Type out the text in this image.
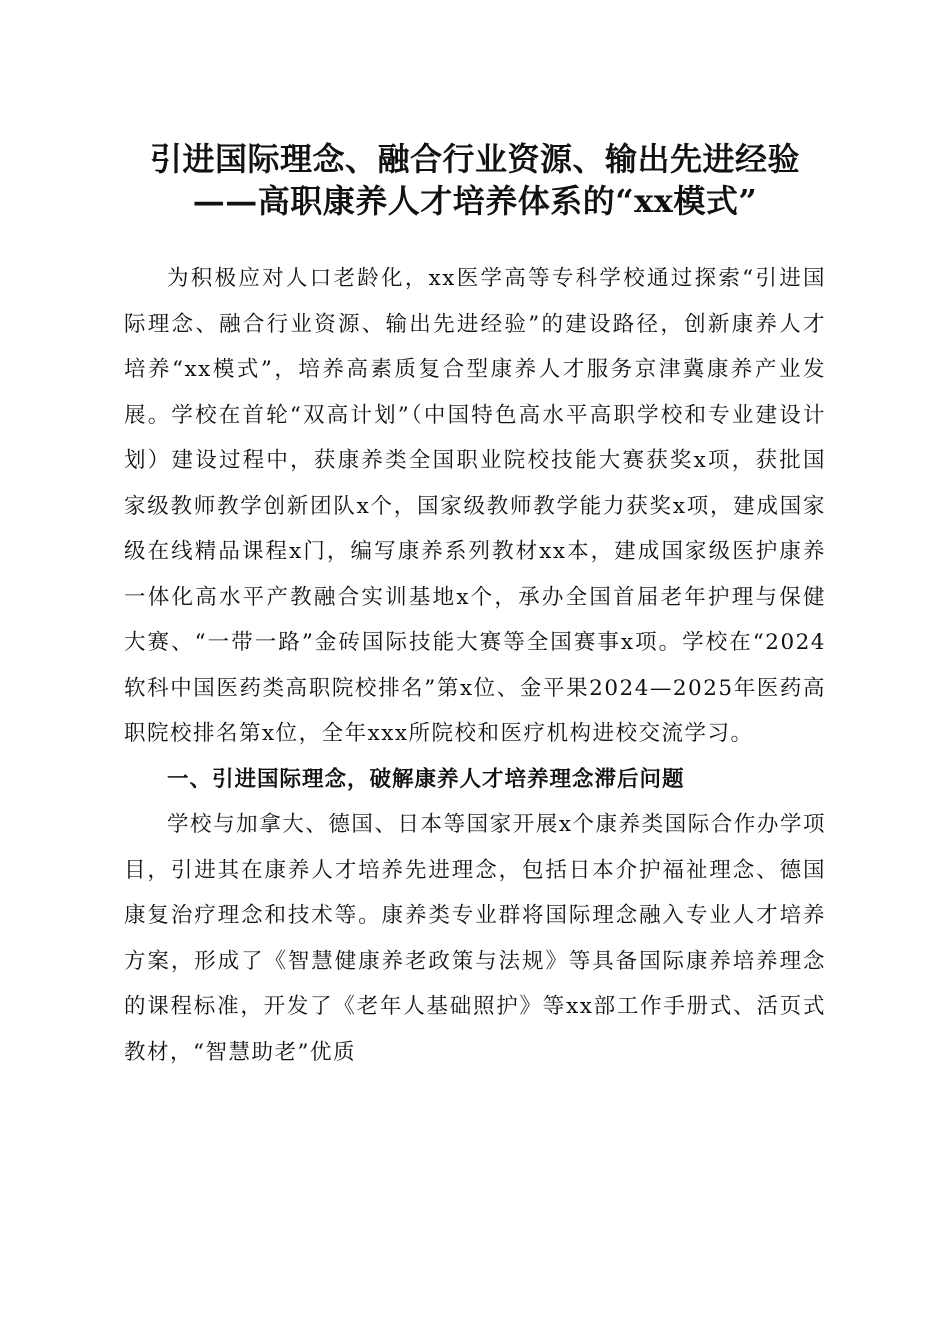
引进国际理念、融合行业资源、输出先进经验
——高职康养人才培养体系的“xx模式”

为积极应对人口老龄化，xx医学高等专科学校通过探索“引进国际理念、融合行业资源、输出先进经验”的建设路径，创新康养人才培养“xx模式”，培养高素质复合型康养人才服务京津冀康养产业发展。学校在首轮“双高计划”（中国特色高水平高职学校和专业建设计划）建设过程中，获康养类全国职业院校技能大赛获奖x项，获批国家级教师教学创新团队x个，国家级教师教学能力获奖x项，建成国家级在线精品课程x门，编写康养系列教材xx本，建成国家级医护康养一体化高水平产教融合实训基地x个，承办全国首届老年护理与保健大赛、“一带一路”金砖国际技能大赛等全国赛事x项。学校在“2024软科中国医药类高职院校排名”第x位、金平果2024—2025年医药高职院校排名第x位，全年xxx所院校和医疗机构进校交流学习。

一、引进国际理念，破解康养人才培养理念滞后问题

学校与加拿大、德国、日本等国家开展x个康养类国际合作办学项目，引进其在康养人才培养先进理念，包括日本介护福祉理念、德国康复治疗理念和技术等。康养类专业群将国际理念融入专业人才培养方案，形成了《智慧健康养老政策与法规》等具备国际康养培养理念的课程标准，开发了《老年人基础照护》等xx部工作手册式、活页式教材，“智慧助老”优质
